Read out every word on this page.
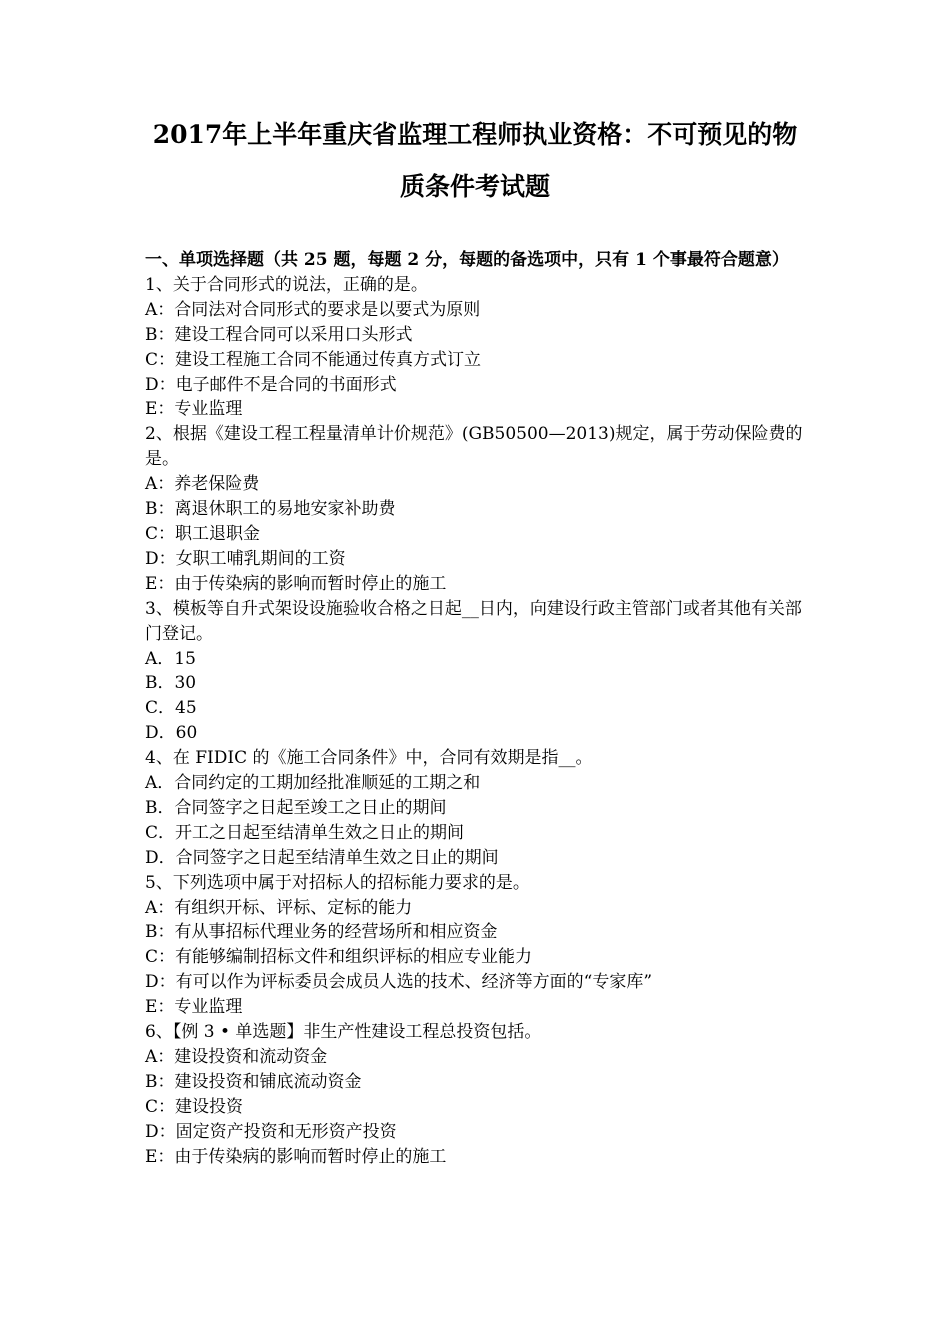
2017年上半年重庆省监理工程师执业资格：不可预见的物
质条件考试题
一、单项选择题（共 25 题，每题 2 分，每题的备选项中，只有 1 个事最符合题意）
1、关于合同形式的说法，正确的是。
A：合同法对合同形式的要求是以要式为原则
B：建设工程合同可以采用口头形式
C：建设工程施工合同不能通过传真方式订立
D：电子邮件不是合同的书面形式
E：专业监理
2、根据《建设工程工程量清单计价规范》(GB50500—2013)规定，属于劳动保险费的是。
A：养老保险费
B：离退休职工的易地安家补助费
C：职工退职金
D：女职工哺乳期间的工资
E：由于传染病的影响而暂时停止的施工
3、模板等自升式架设设施验收合格之日起__日内，向建设行政主管部门或者其他有关部门登记。
A．15
B．30
C．45
D．60
4、在 FIDIC 的《施工合同条件》中，合同有效期是指__。
A．合同约定的工期加经批准顺延的工期之和
B．合同签字之日起至竣工之日止的期间
C．开工之日起至结清单生效之日止的期间
D．合同签字之日起至结清单生效之日止的期间
5、下列选项中属于对招标人的招标能力要求的是。
A：有组织开标、评标、定标的能力
B：有从事招标代理业务的经营场所和相应资金
C：有能够编制招标文件和组织评标的相应专业能力
D：有可以作为评标委员会成员人选的技术、经济等方面的“专家库”
E：专业监理
6、【例 3 • 单选题】非生产性建设工程总投资包括。
A：建设投资和流动资金
B：建设投资和铺底流动资金
C：建设投资
D：固定资产投资和无形资产投资
E：由于传染病的影响而暂时停止的施工
